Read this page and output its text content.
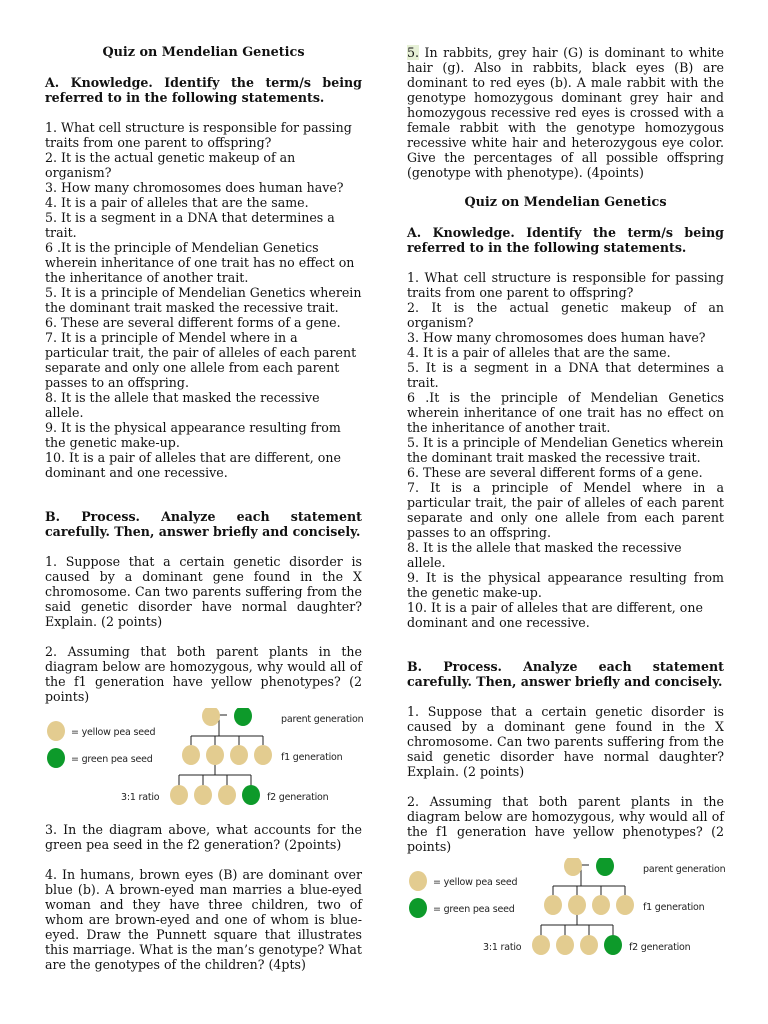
Quiz on Mendelian Genetics

A. Knowledge. Identify the term/s being referred to in the following statements.

1. What cell structure is responsible for passing traits from one parent to offspring?

2. It is the actual genetic makeup of an organism?

3. How many chromosomes does human have?

4. It is a pair of alleles that are the same.

5. It is a segment in a DNA that determines a trait.

6 .It is the principle of Mendelian Genetics wherein inheritance of one trait has no effect on the inheritance of another trait.

5. It is a principle of Mendelian Genetics wherein the dominant trait masked the recessive trait.

6. These are several different forms of a gene.

7. It is a principle of Mendel where in a particular trait, the pair of alleles of each parent separate and only one allele from each parent passes to an offspring.

8. It is the allele that masked the recessive allele.

9. It is the physical appearance resulting from the genetic make-up.

10. It is a pair of alleles that are different, one dominant and one recessive.

B. Process. Analyze each statement carefully. Then, answer briefly and concisely.

1. Suppose that a certain genetic disorder is caused by a dominant gene found in the X chromosome. Can two parents suffering from the said genetic disorder have normal daughter? Explain. (2 points)

2. Assuming that both parent plants in the diagram below are homozygous, why would all of the f1 generation have yellow phenotypes? (2 points)

= yellow pea seed
= green pea seed
parent generation
f1 generation
3:1 ratio	f2 generation

3. In the diagram above, what accounts for the green pea seed in the f2 generation? (2points)

4. In humans, brown eyes (B) are dominant over blue (b). A brown-eyed man marries a blue-eyed woman and they have three children, two of whom are brown-eyed and one of whom is blue-eyed. Draw the Punnett square that illustrates this marriage. What is the man’s genotype? What are the genotypes of the children? (4pts)

5. In rabbits, grey hair (G) is dominant to white hair (g). Also in rabbits, black eyes (B) are dominant to red eyes (b). A male rabbit with the genotype homozygous dominant grey hair and homozygous recessive red eyes is crossed with a female rabbit with the genotype homozygous recessive white hair and heterozygous eye color. Give the percentages of all possible offspring (genotype with phenotype). (4points)

Quiz on Mendelian Genetics

A. Knowledge. Identify the term/s being referred to in the following statements.

1. What cell structure is responsible for passing traits from one parent to offspring?

2. It is the actual genetic makeup of an organism?

3. How many chromosomes does human have?

4. It is a pair of alleles that are the same.

5. It is a segment in a DNA that determines a trait.

6 .It is the principle of Mendelian Genetics wherein inheritance of one trait has no effect on the inheritance of another trait.

5. It is a principle of Mendelian Genetics wherein the dominant trait masked the recessive trait.

6. These are several different forms of a gene.

7. It is a principle of Mendel where in a particular trait, the pair of alleles of each parent separate and only one allele from each parent passes to an offspring.

8. It is the allele that masked the recessive allele.

9. It is the physical appearance resulting from the genetic make-up.

10. It is a pair of alleles that are different, one dominant and one recessive.

B. Process. Analyze each statement carefully. Then, answer briefly and concisely.

1. Suppose that a certain genetic disorder is caused by a dominant gene found in the X chromosome. Can two parents suffering from the said genetic disorder have normal daughter? Explain. (2 points)

2. Assuming that both parent plants in the diagram below are homozygous, why would all of the f1 generation have yellow phenotypes? (2 points)

= yellow pea seed
= green pea seed
parent generation
f1 generation
3:1 ratio	f2 generation
